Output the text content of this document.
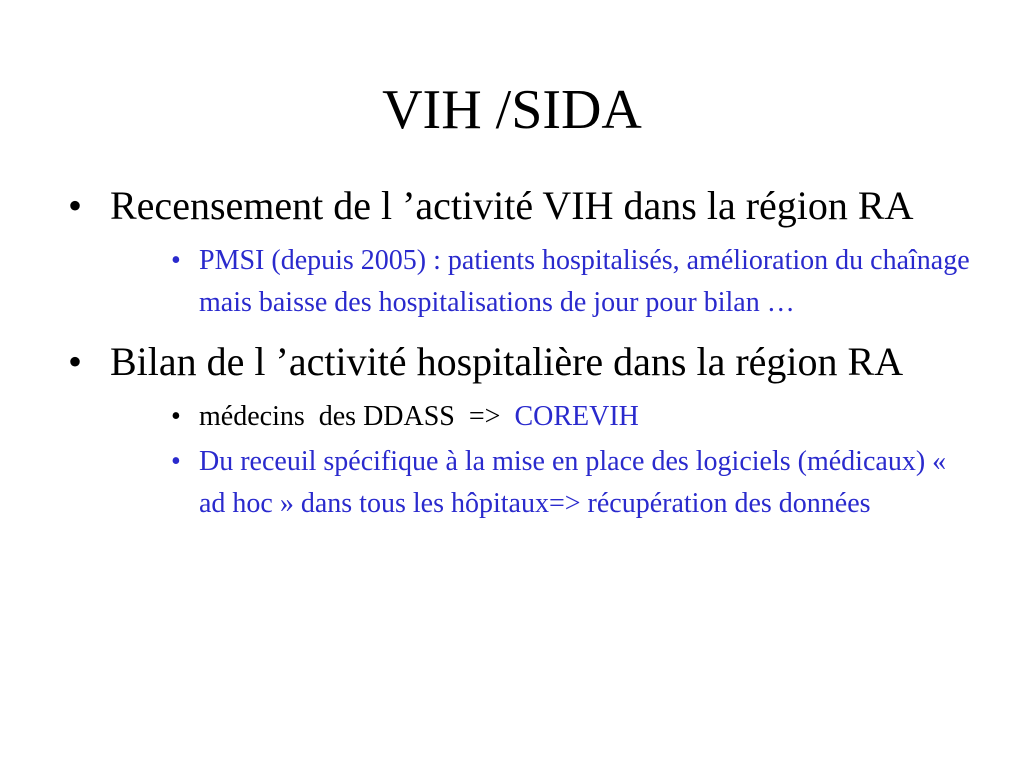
VIH /SIDA
• Recensement de l ’activité VIH dans la région RA
• PMSI (depuis 2005) : patients hospitalisés, amélioration du chaînage mais baisse des hospitalisations de jour pour bilan …
• Bilan de l ’activité hospitalière dans la région RA
• médecins  des DDASS  =>  COREVIH
• Du receuil spécifique à la mise en place des logiciels (médicaux) « ad hoc » dans tous les hôpitaux=> récupération des données
